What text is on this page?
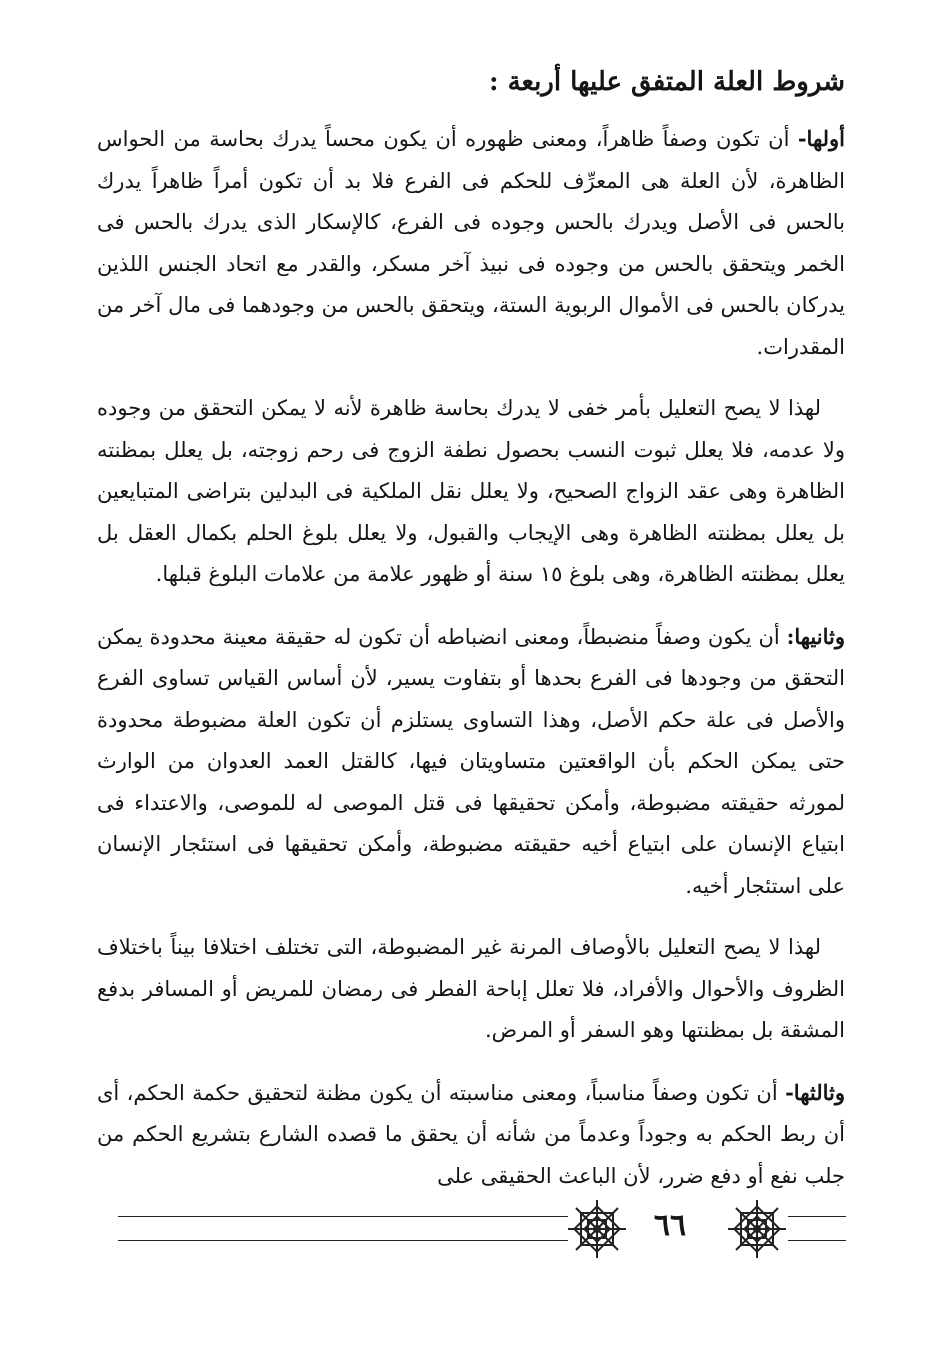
شروط العلة المتفق عليها أربعة :

أولها- أن تكون وصفاً ظاهراً، ومعنى ظهوره أن يكون محساً يدرك بحاسة من الحواس الظاهرة، لأن العلة هى المعرِّف للحكم فى الفرع فلا بد أن تكون أمراً ظاهراً يدرك بالحس فى الأصل ويدرك بالحس وجوده فى الفرع، كالإسكار الذى يدرك بالحس فى الخمر ويتحقق بالحس من وجوده فى نبيذ آخر مسكر، والقدر مع اتحاد الجنس اللذين يدركان بالحس فى الأموال الربوية الستة، ويتحقق بالحس من وجودهما فى مال آخر من المقدرات.

لهذا لا يصح التعليل بأمر خفى لا يدرك بحاسة ظاهرة لأنه لا يمكن التحقق من وجوده ولا عدمه، فلا يعلل ثبوت النسب بحصول نطفة الزوج فى رحم زوجته، بل يعلل بمظنته الظاهرة وهى عقد الزواج الصحيح، ولا يعلل نقل الملكية فى البدلين بتراضى المتبايعين بل يعلل بمظنته الظاهرة وهى الإيجاب والقبول، ولا يعلل بلوغ الحلم بكمال العقل بل يعلل بمظنته الظاهرة، وهى بلوغ ١٥ سنة أو ظهور علامة من علامات البلوغ قبلها.

وثانيها: أن يكون وصفاً منضبطاً، ومعنى انضباطه أن تكون له حقيقة معينة محدودة يمكن التحقق من وجودها فى الفرع بحدها أو بتفاوت يسير، لأن أساس القياس تساوى الفرع والأصل فى علة حكم الأصل، وهذا التساوى يستلزم أن تكون العلة مضبوطة محدودة حتى يمكن الحكم بأن الواقعتين متساويتان فيها، كالقتل العمد العدوان من الوارث لمورثه حقيقته مضبوطة، وأمكن تحقيقها فى قتل الموصى له للموصى، والاعتداء فى ابتياع الإنسان على ابتياع أخيه حقيقته مضبوطة، وأمكن تحقيقها فى استئجار الإنسان على استئجار أخيه.

لهذا لا يصح التعليل بالأوصاف المرنة غير المضبوطة، التى تختلف اختلافا بيناً باختلاف الظروف والأحوال والأفراد، فلا تعلل إباحة الفطر فى رمضان للمريض أو المسافر بدفع المشقة بل بمظنتها وهو السفر أو المرض.

وثالثها- أن تكون وصفاً مناسباً، ومعنى مناسبته أن يكون مظنة لتحقيق حكمة الحكم، أى أن ربط الحكم به وجوداً وعدماً من شأنه أن يحقق ما قصده الشارع بتشريع الحكم من جلب نفع أو دفع ضرر، لأن الباعث الحقيقى على

٦٦
